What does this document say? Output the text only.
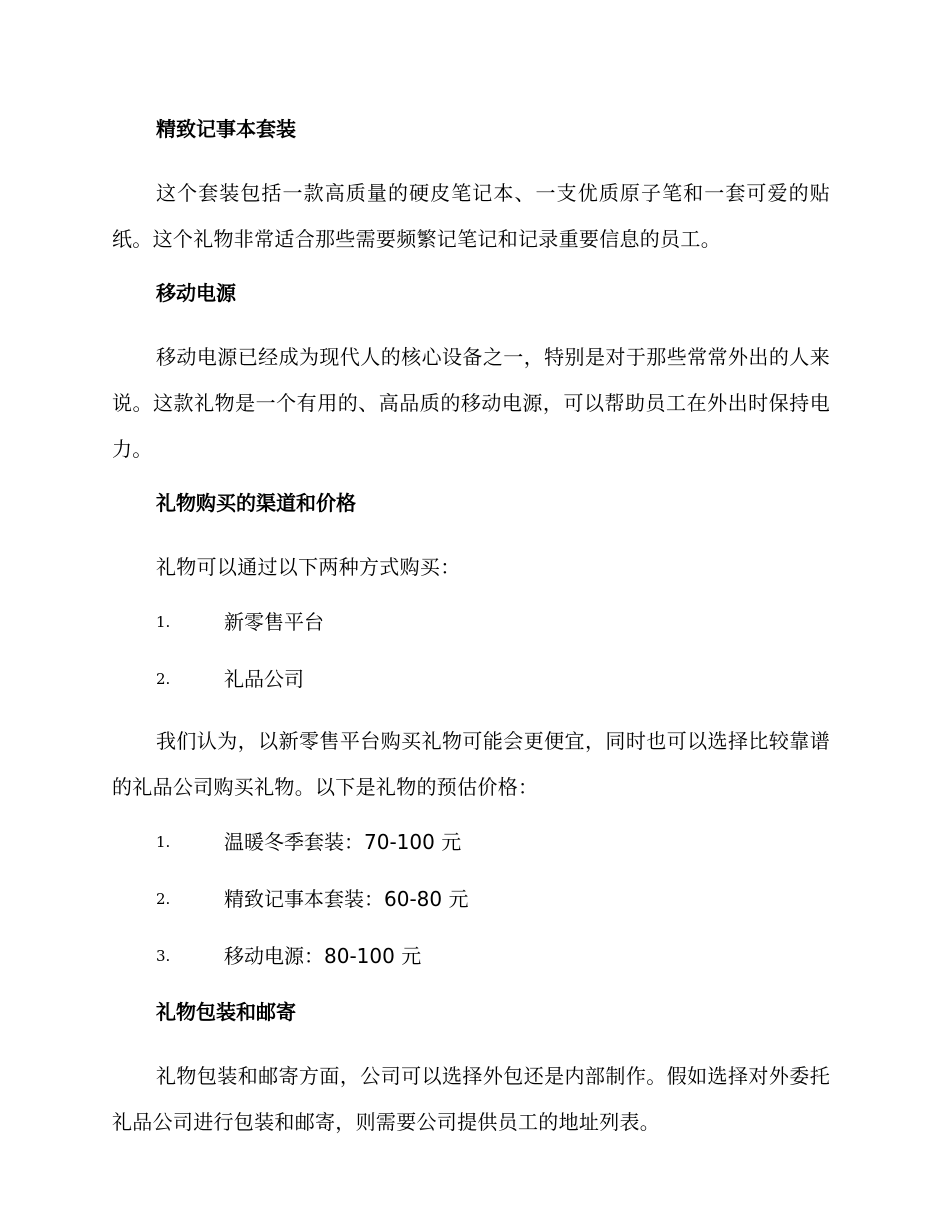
精致记事本套装

这个套装包括一款高质量的硬皮笔记本、一支优质原子笔和一套可爱的贴纸。这个礼物非常适合那些需要频繁记笔记和记录重要信息的员工。

移动电源

移动电源已经成为现代人的核心设备之一，特别是对于那些常常外出的人来说。这款礼物是一个有用的、高品质的移动电源，可以帮助员工在外出时保持电力。

礼物购买的渠道和价格

礼物可以通过以下两种方式购买：

1.	新零售平台
2.	礼品公司

我们认为，以新零售平台购买礼物可能会更便宜，同时也可以选择比较靠谱的礼品公司购买礼物。以下是礼物的预估价格：

1.	温暖冬季套装：70-100 元
2.	精致记事本套装：60-80 元
3.	移动电源：80-100 元
礼物包装和邮寄

礼物包装和邮寄方面，公司可以选择外包还是内部制作。假如选择对外委托礼品公司进行包装和邮寄，则需要公司提供员工的地址列表。
